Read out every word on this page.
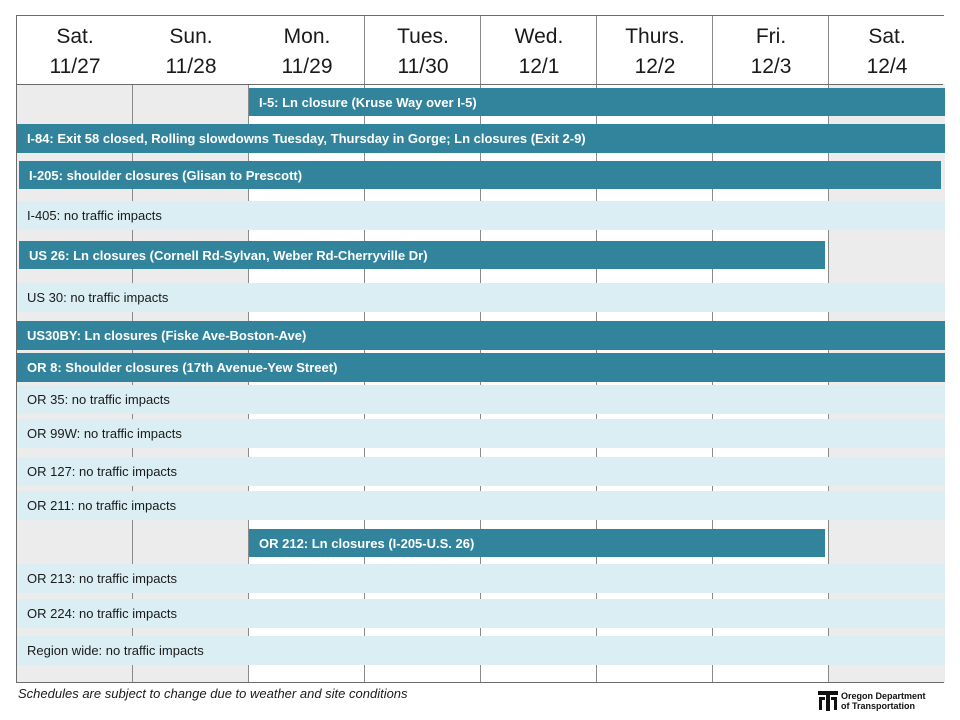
Sat.
11/27
Sun.
11/28
Mon.
11/29
Tues.
11/30
Wed.
12/1
Thurs.
12/2
Fri.
12/3
Sat.
12/4
I-5: Ln closure (Kruse Way over I-5)
I-84: Exit 58 closed, Rolling slowdowns Tuesday, Thursday in Gorge; Ln closures (Exit 2-9)
I-205: shoulder closures (Glisan to Prescott)
I-405: no traffic impacts
US 26: Ln closures (Cornell Rd-Sylvan, Weber Rd-Cherryville Dr)
US 30: no traffic impacts
US30BY: Ln closures (Fiske Ave-Boston-Ave)
OR 8: Shoulder closures (17th Avenue-Yew Street)
OR 35: no traffic impacts
OR 99W: no traffic impacts
OR 127: no traffic impacts
OR 211: no traffic impacts
OR 212: Ln closures (I-205-U.S. 26)
OR 213: no traffic impacts
OR 224: no traffic impacts
Region wide: no traffic impacts
Schedules are subject to change due to weather and site conditions	Oregon Department
of Transportation
